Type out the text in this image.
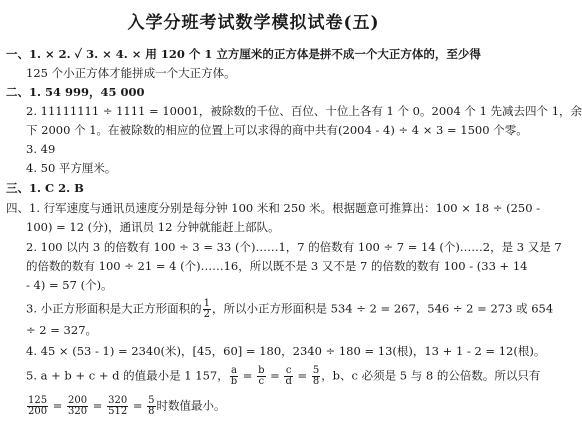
入学分班考试数学模拟试卷(五)
一、1. × 2. ✓ 3. × 4. × 用 120 个 1 立方厘米的正方体是拼不成一个大正方体的，至少得
125 个小正方体才能拼成一个大正方体。
二、1. 54 999，45 000
2. 11111111 ÷ 1111 = 10001，被除数的千位、百位、十位上各有 1 个 0。2004 个 1 先减去四个 1，余
下 2000 个 1。在被除数的相应的位置上可以求得的商中共有(2004 - 4) ÷ 4 × 3 = 1500 个零。
3. 49
4. 50 平方厘米。
三、1. C 2. B
四、1. 行军速度与通讯员速度分别是每分钟 100 米和 250 米。根据题意可推算出：100 × 18 ÷ (250 -
100) = 12 (分)，通讯员 12 分钟就能赶上部队。
2. 100 以内 3 的倍数有 100 ÷ 3 = 33 (个)……1，7 的倍数有 100 ÷ 7 = 14 (个)……2，是 3 又是 7
的倍数的数有 100 ÷ 21 = 4 (个)……16，所以既不是 3 又不是 7 的倍数的数有 100 - (33 + 14
- 4) = 57 (个)。
3. 小正方形面积是大正方形面积的 $\frac{1}{2}$ ，所以小正方形面积是 534 ÷ 2 = 267，546 ÷ 2 = 273 或 654
÷ 2 = 327。
4. 45 × (53 - 1) = 2340(米)，[45，60] = 180，2340 ÷ 180 = 13(根)，13 + 1 - 2 = 12(根)。
5. a + b + c + d 的值最小是 1 157， $\frac{a}{b} = \frac{b}{c} = \frac{c}{d} = \frac{5}{8}$ ，b、c 必须是 5 与 8 的公倍数。所以只有
$\frac{125}{200} = \frac{200}{320} = \frac{320}{512} = \frac{5}{8}$ 时数值最小。
